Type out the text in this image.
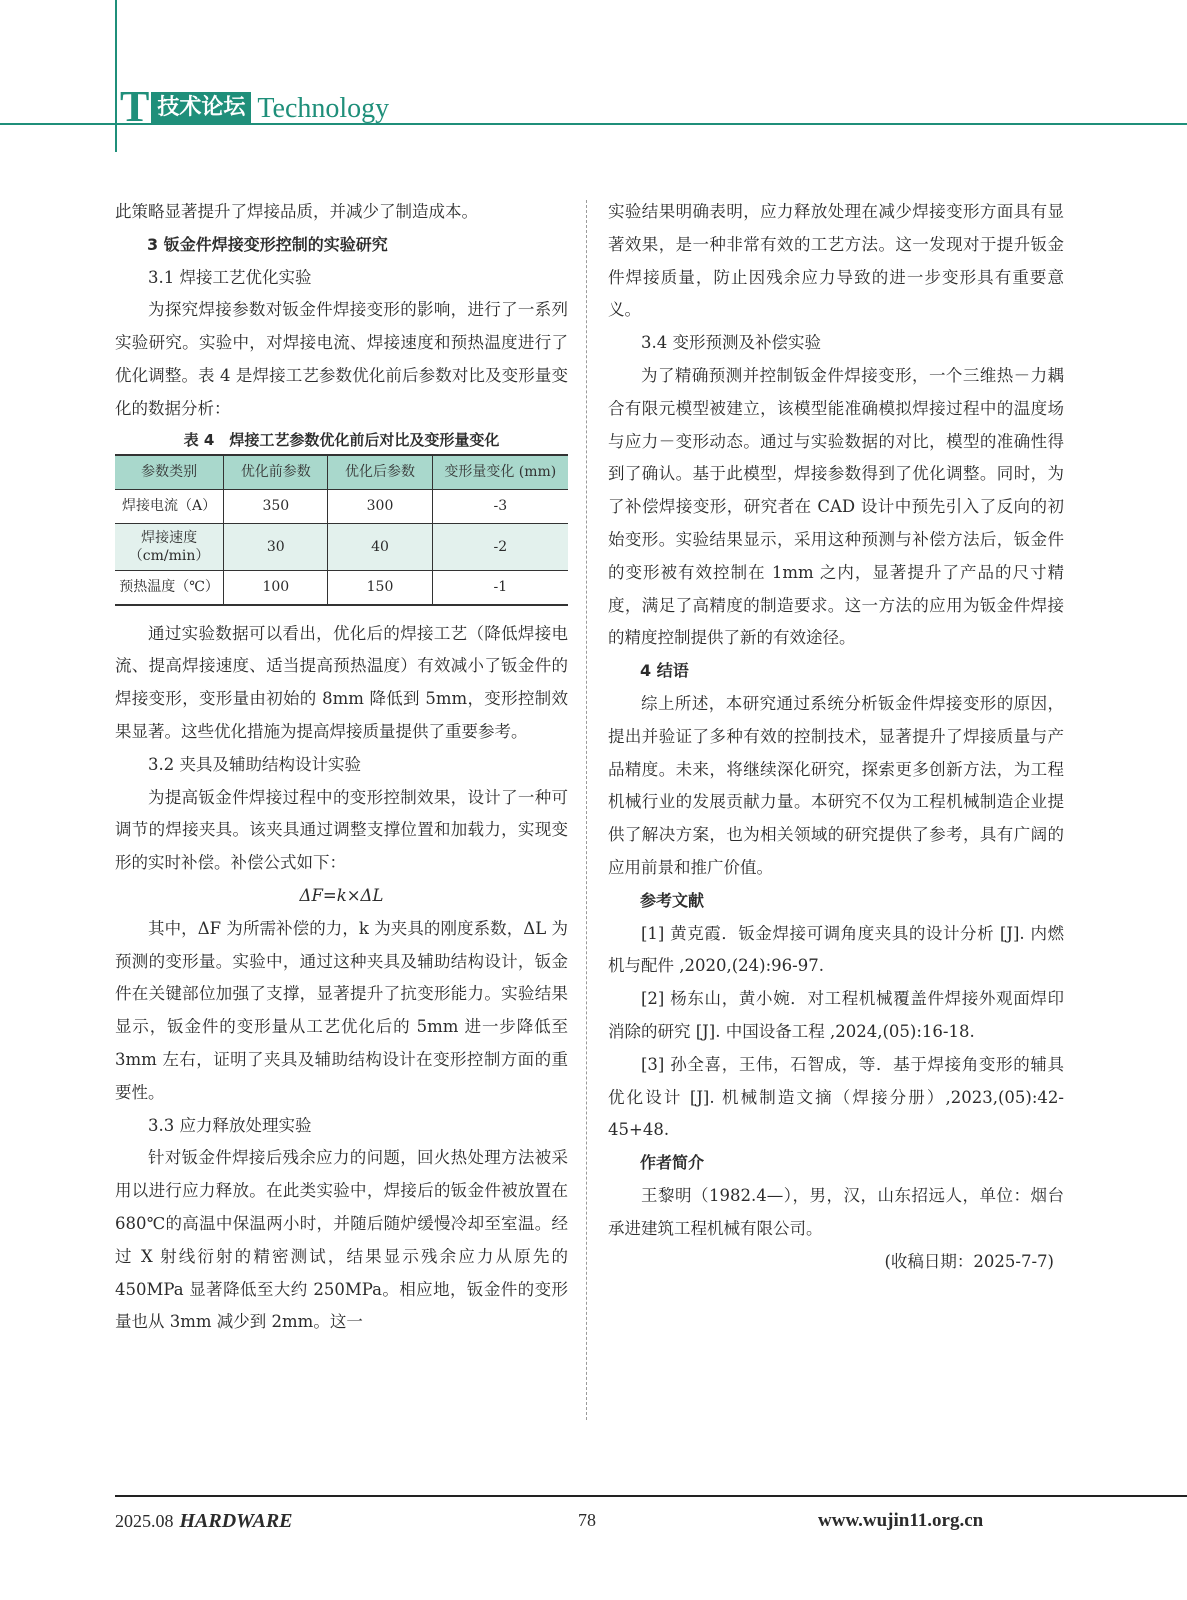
T 技术论坛 Technology

此策略显著提升了焊接品质，并减少了制造成本。

3 钣金件焊接变形控制的实验研究

3.1 焊接工艺优化实验

为探究焊接参数对钣金件焊接变形的影响，进行了一系列实验研究。实验中，对焊接电流、焊接速度和预热温度进行了优化调整。表 4 是焊接工艺参数优化前后参数对比及变形量变化的数据分析：

表 4　焊接工艺参数优化前后对比及变形量变化

参数类别	优化前参数	优化后参数	变形量变化 (mm)
焊接电流（A）	350	300	-3
焊接速度（cm/min）	30	40	-2
预热温度（℃）	100	150	-1

通过实验数据可以看出，优化后的焊接工艺（降低焊接电流、提高焊接速度、适当提高预热温度）有效减小了钣金件的焊接变形，变形量由初始的 8mm 降低到 5mm，变形控制效果显著。这些优化措施为提高焊接质量提供了重要参考。

3.2 夹具及辅助结构设计实验

为提高钣金件焊接过程中的变形控制效果，设计了一种可调节的焊接夹具。该夹具通过调整支撑位置和加载力，实现变形的实时补偿。补偿公式如下：

ΔF=k×ΔL

其中，ΔF 为所需补偿的力，k 为夹具的刚度系数，ΔL 为预测的变形量。实验中，通过这种夹具及辅助结构设计，钣金件在关键部位加强了支撑，显著提升了抗变形能力。实验结果显示，钣金件的变形量从工艺优化后的 5mm 进一步降低至 3mm 左右，证明了夹具及辅助结构设计在变形控制方面的重要性。

3.3 应力释放处理实验

针对钣金件焊接后残余应力的问题，回火热处理方法被采用以进行应力释放。在此类实验中，焊接后的钣金件被放置在 680℃的高温中保温两小时，并随后随炉缓慢冷却至室温。经过 X 射线衍射的精密测试，结果显示残余应力从原先的 450MPa 显著降低至大约 250MPa。相应地，钣金件的变形量也从 3mm 减少到 2mm。这一

实验结果明确表明，应力释放处理在减少焊接变形方面具有显著效果，是一种非常有效的工艺方法。这一发现对于提升钣金件焊接质量，防止因残余应力导致的进一步变形具有重要意义。

3.4 变形预测及补偿实验

为了精确预测并控制钣金件焊接变形，一个三维热－力耦合有限元模型被建立，该模型能准确模拟焊接过程中的温度场与应力－变形动态。通过与实验数据的对比，模型的准确性得到了确认。基于此模型，焊接参数得到了优化调整。同时，为了补偿焊接变形，研究者在 CAD 设计中预先引入了反向的初始变形。实验结果显示，采用这种预测与补偿方法后，钣金件的变形被有效控制在 1mm 之内，显著提升了产品的尺寸精度，满足了高精度的制造要求。这一方法的应用为钣金件焊接的精度控制提供了新的有效途径。

4 结语

综上所述，本研究通过系统分析钣金件焊接变形的原因，提出并验证了多种有效的控制技术，显著提升了焊接质量与产品精度。未来，将继续深化研究，探索更多创新方法，为工程机械行业的发展贡献力量。本研究不仅为工程机械制造企业提供了解决方案，也为相关领域的研究提供了参考，具有广阔的应用前景和推广价值。

参考文献

[1] 黄克霞．钣金焊接可调角度夹具的设计分析 [J]. 内燃机与配件 ,2020,(24):96-97.

[2] 杨东山，黄小婉．对工程机械覆盖件焊接外观面焊印消除的研究 [J]. 中国设备工程 ,2024,(05):16-18.

[3] 孙全喜，王伟，石智成，等．基于焊接角变形的辅具优化设计 [J]. 机械制造文摘（焊接分册）,2023,(05):42-45+48.

作者简介

王黎明（1982.4—），男，汉，山东招远人，单位：烟台承进建筑工程机械有限公司。

(收稿日期：2025-7-7)

2025.08 HARDWARE	78	www.wujin11.org.cn
